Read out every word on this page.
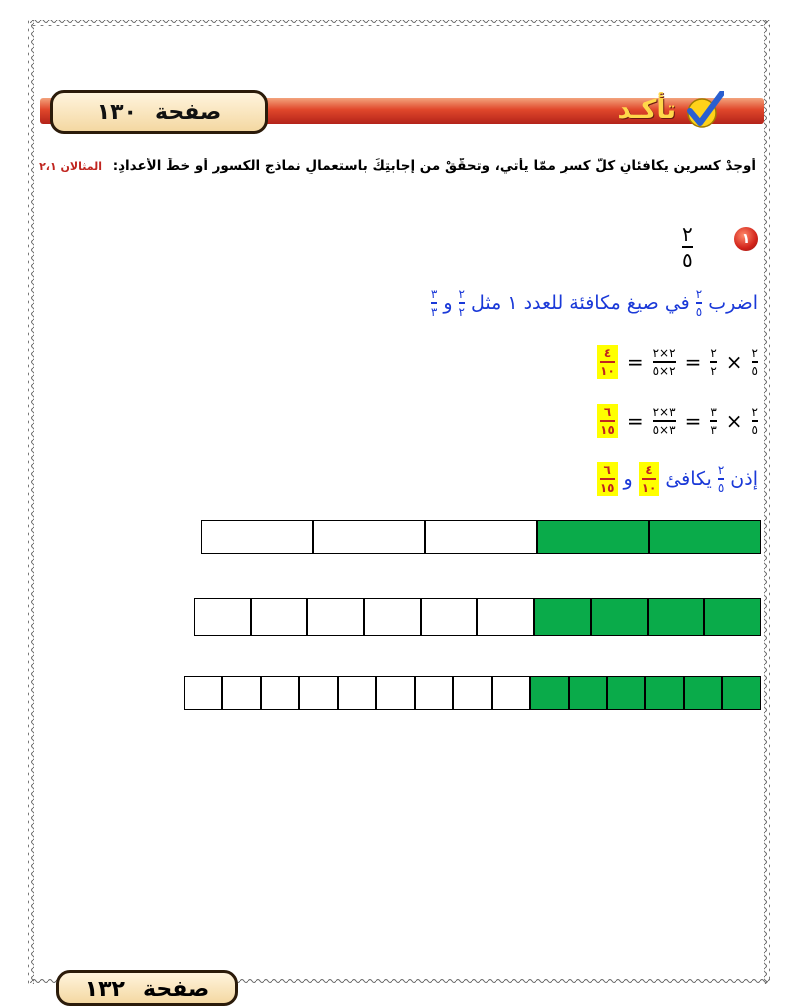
صفحة
١٣٠	تأكـد
أوجدْ كسرينِ يكافئانِ كلَّ كسرٍ ممّا يأتي، وتحقّقْ من إجابتِكَ باستعمالِ نماذجِ الكسورِ أو خطِّ الأعدادِ: المثالان ٢،١
١
$\frac{٢}{٥}$
اضرب
$\frac{٢}{٥}$
في صيغ مكافئة للعدد ١ مثل
$\frac{٢}{٢}$
و
$\frac{٣}{٣}$
$\frac{٢}{٥}$
×
$\frac{٢}{٢}$
=
$\frac{٢\times ٢}{٢\times ٥}$
=
$\frac{٤}{١٠}$
$\frac{٢}{٥}$
×
$\frac{٣}{٣}$
=
$\frac{٣\times ٢}{٣\times ٥}$
=
$\frac{٦}{١٥}$
إذن
$\frac{٢}{٥}$
يكافئ
$\frac{٤}{١٠}$
و
$\frac{٦}{١٥}$
صفحة
١٣٢
